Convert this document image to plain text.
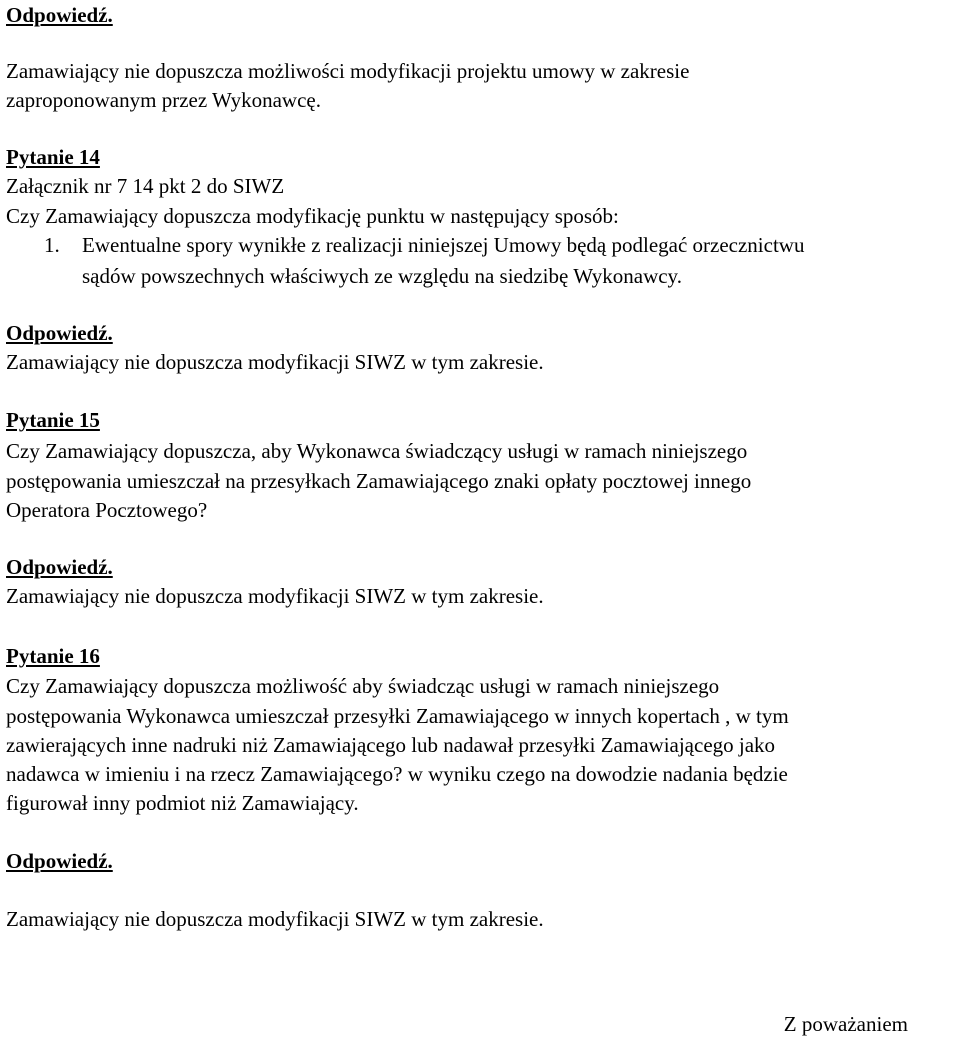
Odpowiedź.
Zamawiający nie dopuszcza możliwości modyfikacji projektu umowy w zakresie
zaproponowanym przez Wykonawcę.
Pytanie 14
Załącznik nr 7 14 pkt 2 do SIWZ
Czy Zamawiający dopuszcza modyfikację punktu w następujący sposób:
1. Ewentualne spory wynikłe z realizacji niniejszej Umowy będą podlegać orzecznictwu
sądów powszechnych właściwych ze względu na siedzibę Wykonawcy.
Odpowiedź.
Zamawiający nie dopuszcza modyfikacji SIWZ w tym zakresie.
Pytanie 15
Czy Zamawiający dopuszcza, aby Wykonawca świadczący usługi w ramach niniejszego
postępowania umieszczał na przesyłkach Zamawiającego znaki opłaty pocztowej innego
Operatora Pocztowego?
Odpowiedź.
Zamawiający nie dopuszcza modyfikacji SIWZ w tym zakresie.
Pytanie 16
Czy Zamawiający dopuszcza możliwość aby świadcząc usługi w ramach niniejszego
postępowania Wykonawca umieszczał przesyłki Zamawiającego w innych kopertach , w tym
zawierających inne nadruki niż Zamawiającego lub nadawał przesyłki Zamawiającego jako
nadawca w imieniu i na rzecz Zamawiającego? w wyniku czego na dowodzie nadania będzie
figurował inny podmiot niż Zamawiający.
Odpowiedź.
Zamawiający nie dopuszcza modyfikacji SIWZ w tym zakresie.
Z poważaniem
